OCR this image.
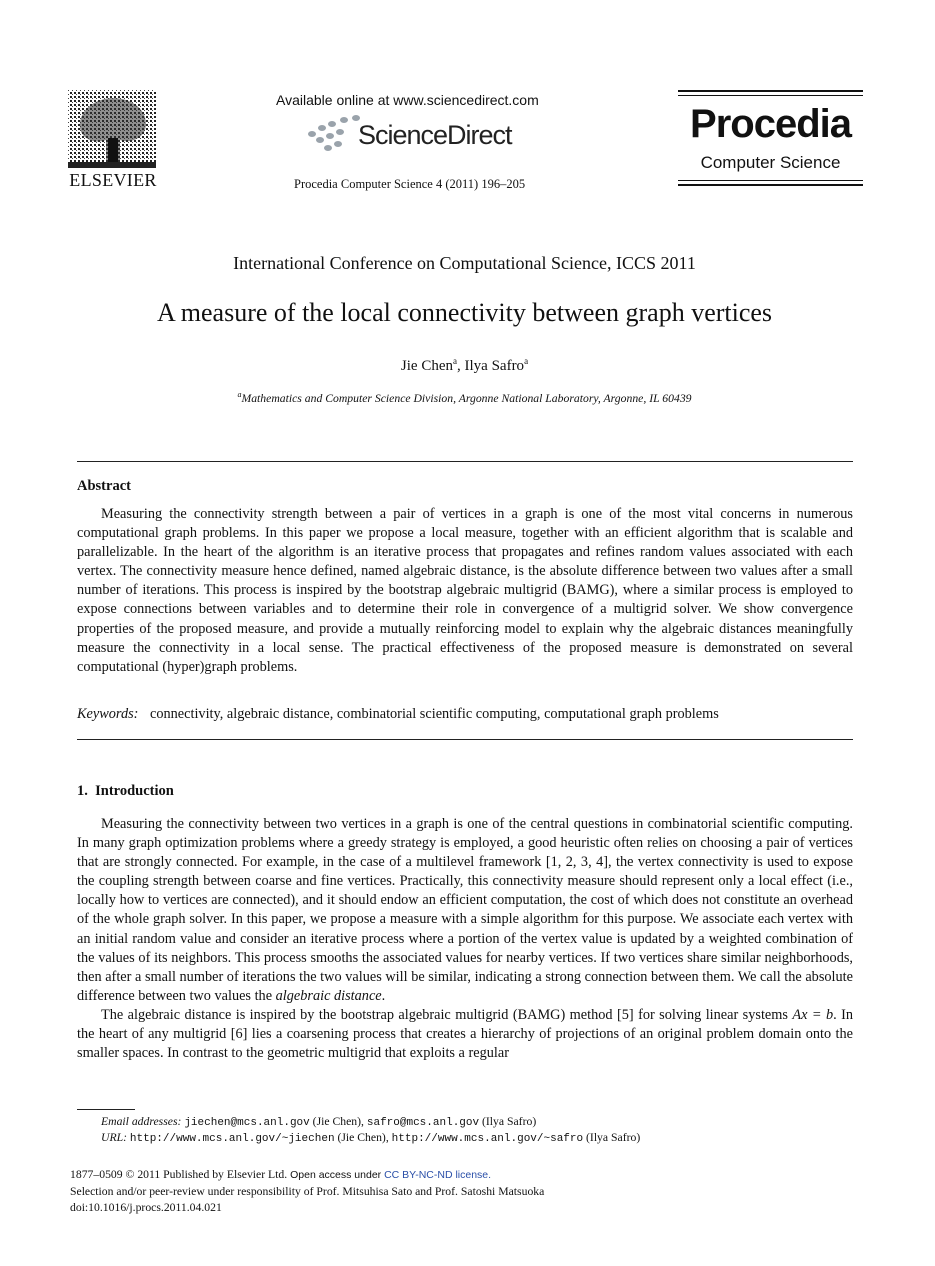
ELSEVIER
Available online at www.sciencedirect.com
ScienceDirect
Procedia Computer Science 4 (2011) 196–205
Procedia
Computer Science
International Conference on Computational Science, ICCS 2011
A measure of the local connectivity between graph vertices
Jie Chen$^a$, Ilya Safro$^a$
$^a$Mathematics and Computer Science Division, Argonne National Laboratory, Argonne, IL 60439
Abstract

Measuring the connectivity strength between a pair of vertices in a graph is one of the most vital concerns in numerous computational graph problems. In this paper we propose a local measure, together with an efficient algorithm that is scalable and parallelizable. In the heart of the algorithm is an iterative process that propagates and refines random values associated with each vertex. The connectivity measure hence defined, named algebraic distance, is the absolute difference between two values after a small number of iterations. This process is inspired by the bootstrap algebraic multigrid (BAMG), where a similar process is employed to expose connections between variables and to determine their role in convergence of a multigrid solver. We show convergence properties of the proposed measure, and provide a mutually reinforcing model to explain why the algebraic distances meaningfully measure the connectivity in a local sense. The practical effectiveness of the proposed measure is demonstrated on several computational (hyper)graph problems.

Keywords: connectivity, algebraic distance, combinatorial scientific computing, computational graph problems
1.  Introduction

Measuring the connectivity between two vertices in a graph is one of the central questions in combinatorial scientific computing. In many graph optimization problems where a greedy strategy is employed, a good heuristic often relies on choosing a pair of vertices that are strongly connected. For example, in the case of a multilevel framework [1, 2, 3, 4], the vertex connectivity is used to expose the coupling strength between coarse and fine vertices. Practically, this connectivity measure should represent only a local effect (i.e., locally how to vertices are connected), and it should endow an efficient computation, the cost of which does not constitute an overhead of the whole graph solver. In this paper, we propose a measure with a simple algorithm for this purpose. We associate each vertex with an initial random value and consider an iterative process where a portion of the vertex value is updated by a weighted combination of the values of its neighbors. This process smooths the associated values for nearby vertices. If two vertices share similar neighborhoods, then after a small number of iterations the two values will be similar, indicating a strong connection between them. We call the absolute difference between two values the algebraic distance.

The algebraic distance is inspired by the bootstrap algebraic multigrid (BAMG) method [5] for solving linear systems Ax = b. In the heart of any multigrid [6] lies a coarsening process that creates a hierarchy of projections of an original problem domain onto the smaller spaces. In contrast to the geometric multigrid that exploits a regular

Email addresses: jiechen@mcs.anl.gov (Jie Chen), safro@mcs.anl.gov (Ilya Safro)
URL: http://www.mcs.anl.gov/~jiechen (Jie Chen), http://www.mcs.anl.gov/~safro (Ilya Safro)
1877–0509 © 2011 Published by Elsevier Ltd. Open access under CC BY-NC-ND license.
Selection and/or peer-review under responsibility of Prof. Mitsuhisa Sato and Prof. Satoshi Matsuoka
doi:10.1016/j.procs.2011.04.021
